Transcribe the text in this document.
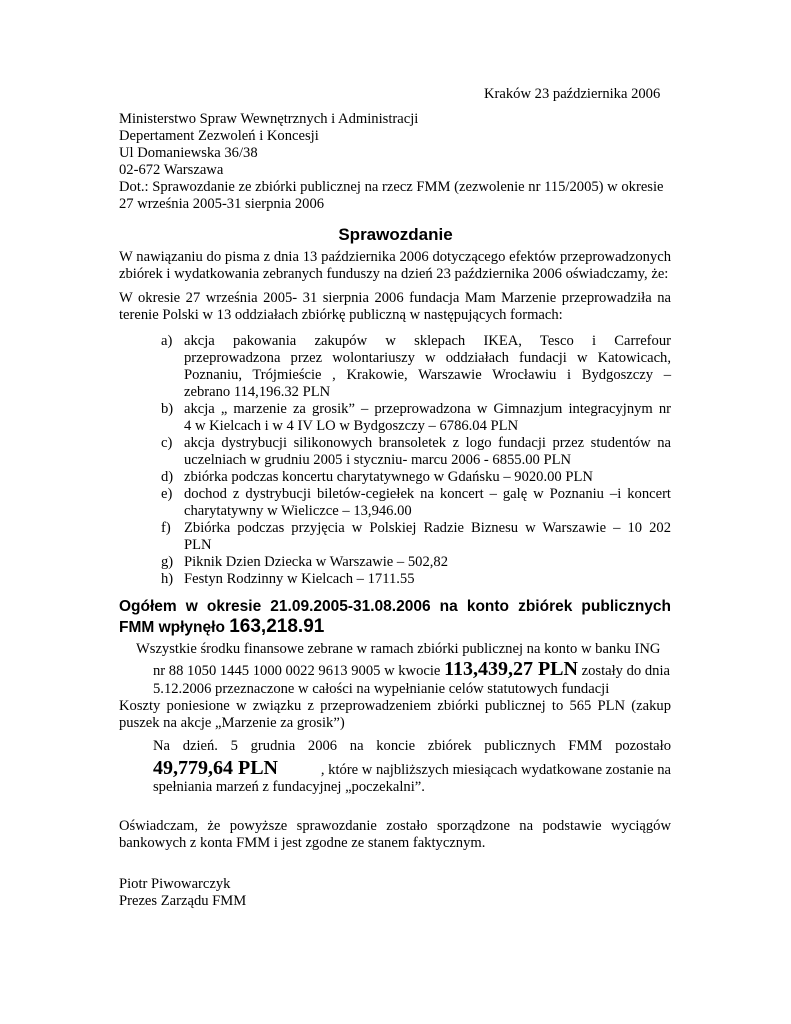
Kraków 23 października 2006
Ministerstwo Spraw Wewnętrznych i Administracji
Depertament Zezwoleń i Koncesji
Ul Domaniewska 36/38
02-672 Warszawa
Dot.: Sprawozdanie ze zbiórki publicznej na rzecz FMM (zezwolenie nr 115/2005) w okresie
27 września 2005-31 sierpnia 2006
Sprawozdanie
W nawiązaniu do pisma z dnia 13 października 2006 dotyczącego efektów przeprowadzonych
zbiórek i wydatkowania zebranych funduszy na dzień 23 października 2006 oświadczamy, że:
W okresie 27 września 2005- 31 sierpnia 2006 fundacja Mam Marzenie przeprowadziła na
terenie Polski w 13 oddziałach zbiórkę publiczną w następujących formach:
a) akcja pakowania zakupów w sklepach IKEA, Tesco i Carrefour
przeprowadzona przez wolontariuszy w oddziałach fundacji w Katowicach,
Poznaniu, Trójmieście , Krakowie, Warszawie Wrocławiu i Bydgoszczy –
zebrano 114,196.32 PLN
b) akcja „ marzenie za grosik” – przeprowadzona w Gimnazjum integracyjnym nr
4 w Kielcach i w 4 IV LO w Bydgoszczy – 6786.04 PLN
c) akcja dystrybucji silikonowych bransoletek z logo fundacji przez studentów na
uczelniach w grudniu 2005 i styczniu- marcu 2006 - 6855.00 PLN
d) zbiórka podczas koncertu charytatywnego w Gdańsku – 9020.00 PLN
e) dochod z dystrybucji biletów-cegiełek na koncert – galę w Poznaniu –i koncert
charytatywny w Wieliczce – 13,946.00
f) Zbiórka podczas przyjęcia w Polskiej Radzie Biznesu w Warszawie – 10 202
PLN
g) Piknik Dzien Dziecka w Warszawie – 502,82
h) Festyn Rodzinny w Kielcach – 1711.55
Ogółem w okresie 21.09.2005-31.08.2006 na konto zbiórek publicznych
FMM wpłynęło 163,218.91
Wszystkie środku finansowe zebrane w ramach zbiórki publicznej na konto w banku ING
nr 88 1050 1445 1000 0022 9613 9005 w kwocie 113,439,27 PLN zostały do dnia
5.12.2006 przeznaczone w całości na wypełnianie celów statutowych fundacji
Koszty poniesione w związku z przeprowadzeniem zbiórki publicznej to 565 PLN (zakup
puszek na akcje „Marzenie za grosik”)
Na dzień. 5 grudnia 2006 na koncie zbiórek publicznych FMM pozostało
49,779,64 PLN	, które w najbliższych miesiącach wydatkowane zostanie na
spełniania marzeń z fundacyjnej „poczekalni”.
Oświadczam, że powyższe sprawozdanie zostało sporządzone na podstawie wyciągów
bankowych z konta FMM i jest zgodne ze stanem faktycznym.
Piotr Piwowarczyk
Prezes Zarządu FMM
